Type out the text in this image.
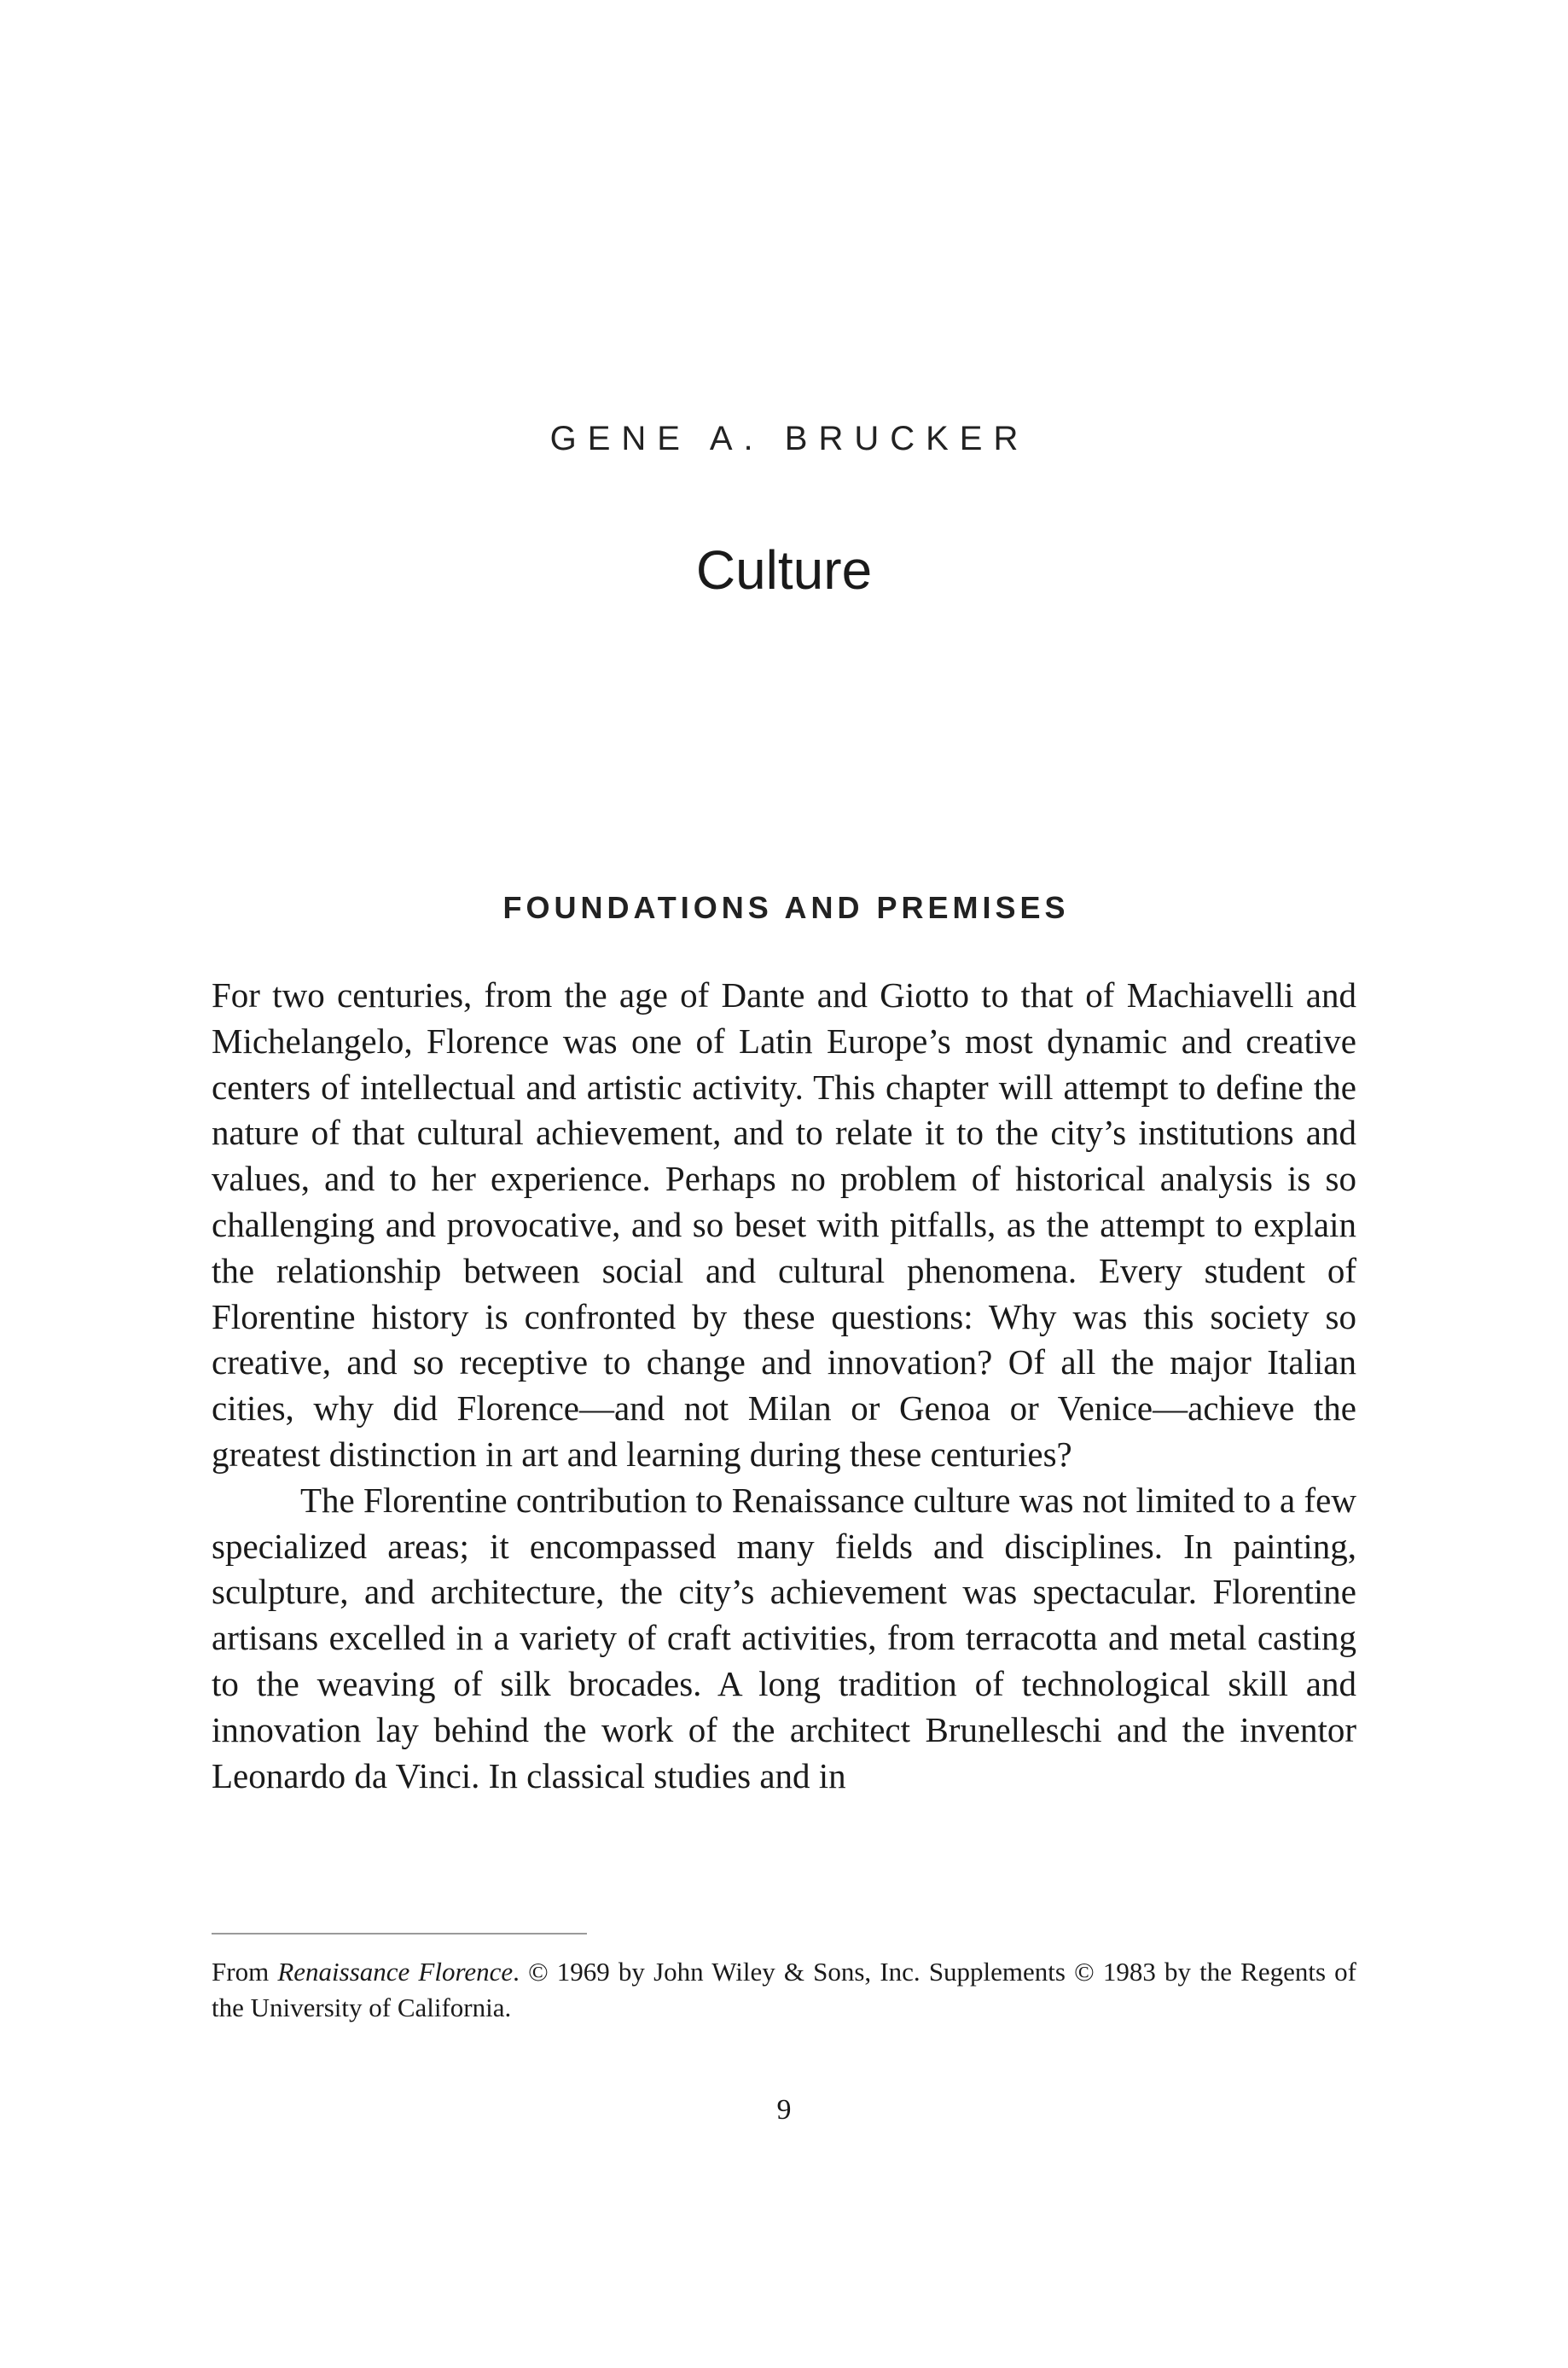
GENE A. BRUCKER
Culture
FOUNDATIONS AND PREMISES

For two centuries, from the age of Dante and Giotto to that of Machiavelli and Michelangelo, Florence was one of Latin Europe’s most dynamic and creative centers of intellectual and artistic activity. This chapter will attempt to define the nature of that cultural achievement, and to relate it to the city’s institutions and values, and to her experience. Perhaps no problem of historical analysis is so challenging and provocative, and so beset with pitfalls, as the attempt to explain the relationship between social and cultural phenomena. Every student of Florentine history is confronted by these questions: Why was this society so creative, and so receptive to change and innovation? Of all the major Italian cities, why did Florence—and not Milan or Genoa or Venice—achieve the greatest distinction in art and learning during these centuries?

The Florentine contribution to Renaissance culture was not limited to a few specialized areas; it encompassed many fields and disciplines. In painting, sculpture, and architecture, the city’s achievement was spectacular. Florentine artisans excelled in a variety of craft activities, from terracotta and metal casting to the weaving of silk brocades. A long tradition of technological skill and innovation lay behind the work of the architect Brunelleschi and the inventor Leonardo da Vinci. In classical studies and in

From Renaissance Florence. © 1969 by John Wiley & Sons, Inc. Supplements © 1983 by the Regents of the University of California.

9
